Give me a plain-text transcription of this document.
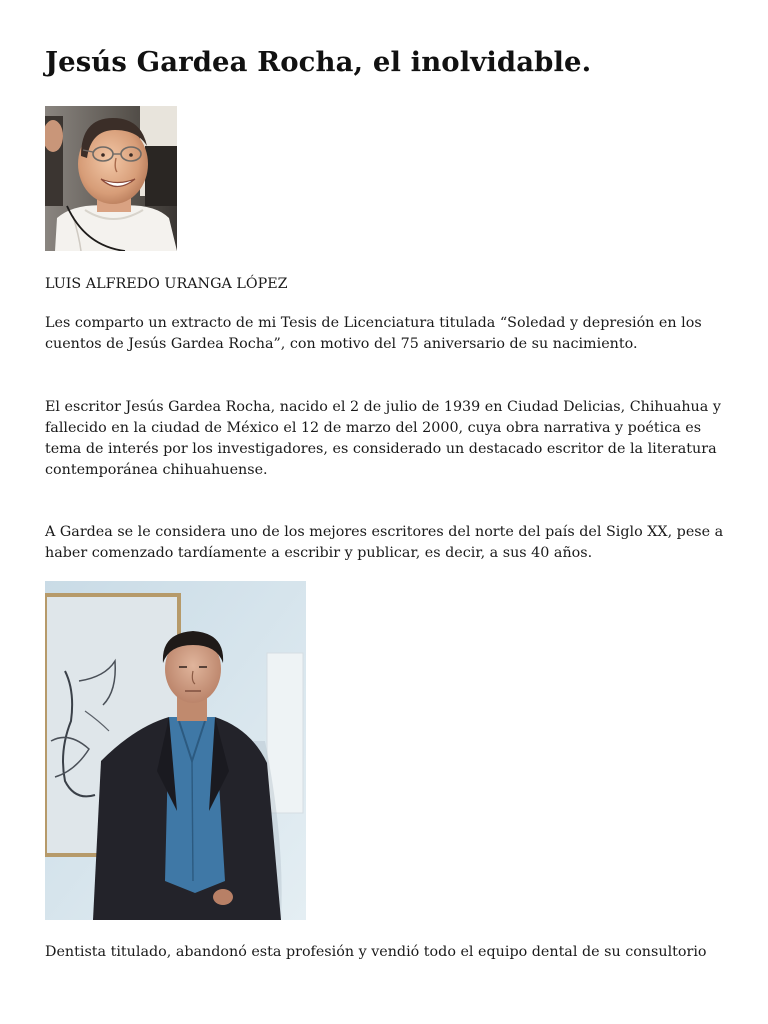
Jesús Gardea Rocha, el inolvidable.

LUIS ALFREDO URANGA LÓPEZ

Les comparto un extracto de mi Tesis de Licenciatura titulada “Soledad y depresión en los cuentos de Jesús Gardea Rocha”, con motivo del 75 aniversario de su nacimiento.

El escritor Jesús Gardea Rocha, nacido el 2 de julio de 1939 en Ciudad Delicias, Chihuahua y fallecido en la ciudad de México el 12 de marzo del 2000, cuya obra narrativa y poética es tema de interés por los investigadores, es considerado un destacado escritor de la literatura contemporánea chihuahuense.

A Gardea se le considera uno de los mejores escritores del norte del país del Siglo XX, pese a haber comenzado tardíamente a escribir y publicar, es decir, a sus 40 años.

Dentista titulado, abandonó esta profesión y vendió todo el equipo dental de su consultorio
